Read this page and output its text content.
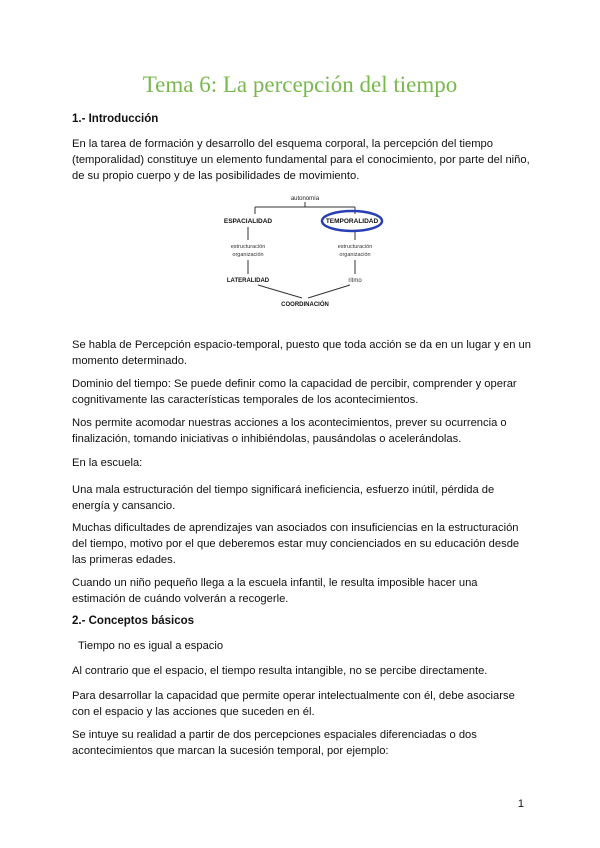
Tema 6: La percepción del tiempo

1.- Introducción

En la tarea de formación y desarrollo del esquema corporal, la percepción del tiempo (temporalidad) constituye un elemento fundamental para el conocimiento, por parte del niño, de su propio cuerpo y de las posibilidades de movimiento.

autonomía
ESPACIALIDAD	TEMPORALIDAD
estructuración
organización
estructuración
organización
LATERALIDAD	ritmo
COORDINACIÓN

Se habla de Percepción espacio-temporal, puesto que toda acción se da en un lugar y en un momento determinado.

Dominio del tiempo: Se puede definir como la capacidad de percibir, comprender y operar cognitivamente las características temporales de los acontecimientos.

Nos permite acomodar nuestras acciones a los acontecimientos, prever su ocurrencia o finalización, tomando iniciativas o inhibiéndolas, pausándolas o acelerándolas.

En la escuela:

Una mala estructuración del tiempo significará ineficiencia, esfuerzo inútil, pérdida de energía y cansancio.

Muchas dificultades de aprendizajes van asociados con insuficiencias en la estructuración del tiempo, motivo por el que deberemos estar muy concienciados en su educación desde las primeras edades.

Cuando un niño pequeño llega a la escuela infantil, le resulta imposible hacer una estimación de cuándo volverán a recogerle.

2.- Conceptos básicos

Tiempo no es igual a espacio

Al contrario que el espacio, el tiempo resulta intangible, no se percibe directamente.

Para desarrollar la capacidad que permite operar intelectualmente con él, debe asociarse con el espacio y las acciones que suceden en él.

Se intuye su realidad a partir de dos percepciones espaciales diferenciadas o dos acontecimientos que marcan la sucesión temporal, por ejemplo:

1
